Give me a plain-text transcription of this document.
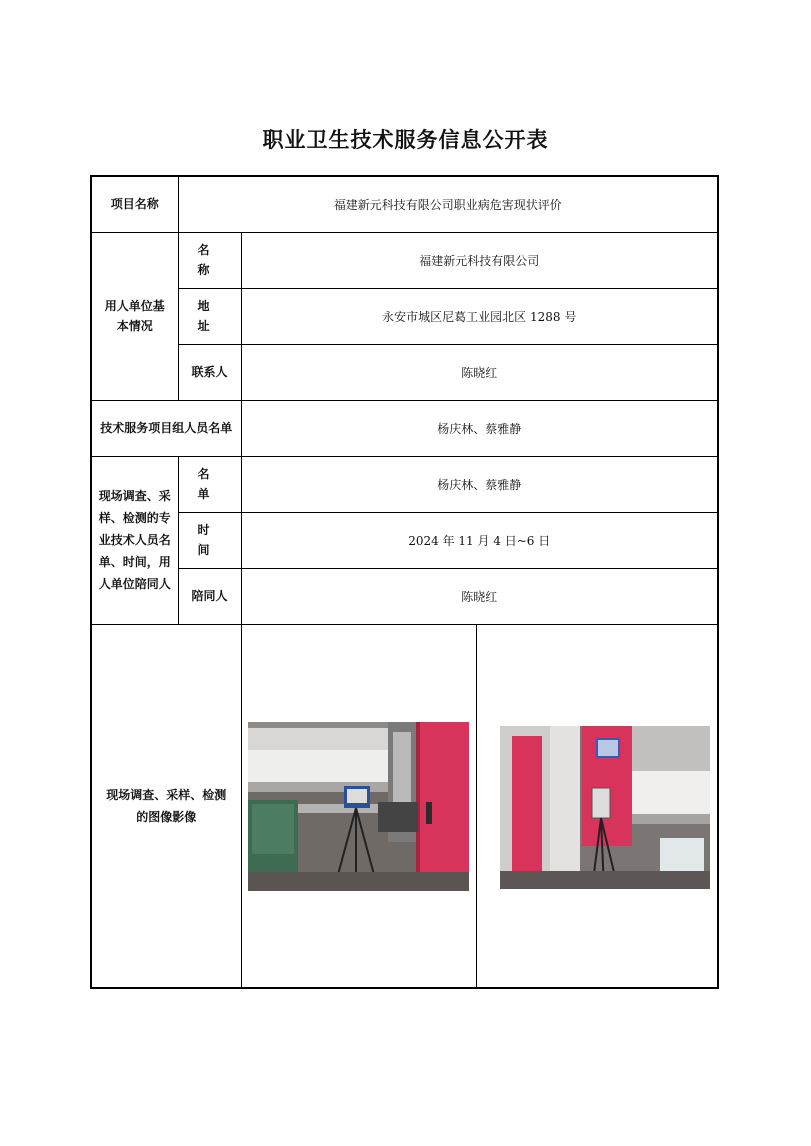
职业卫生技术服务信息公开表
项目名称	福建新元科技有限公司职业病危害现状评价		
用人单位基本情况	名 称	福建新元科技有限公司	
	地 址	永安市城区尼葛工业园北区 1288 号	
	联系人	陈晓红	
技术服务项目组人员名单		杨庆林、蔡雅静	
现场调查、采样、检测的专业技术人员名单、时间，用人单位陪同人	名 单	杨庆林、蔡雅静	
	时 间	2024 年 11 月 4 日~6 日	
	陪同人	陈晓红	
现场调查、采样、检测的图像影像	
